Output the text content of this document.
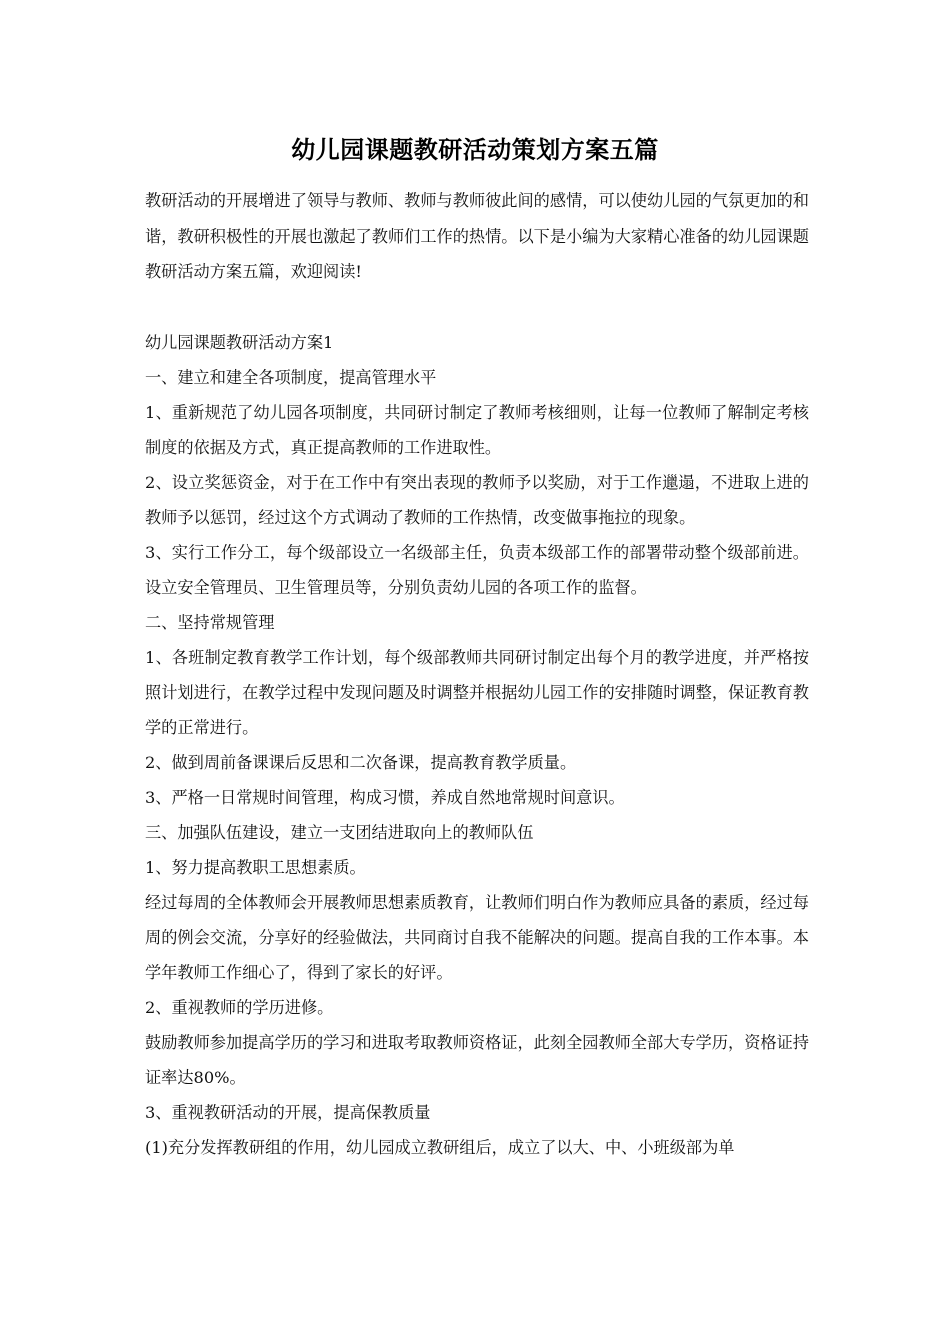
幼儿园课题教研活动策划方案五篇

教研活动的开展增进了领导与教师、教师与教师彼此间的感情，可以使幼儿园的气氛更加的和谐，教研积极性的开展也激起了教师们工作的热情。以下是小编为大家精心准备的幼儿园课题教研活动方案五篇，欢迎阅读!

幼儿园课题教研活动方案1

一、建立和建全各项制度，提高管理水平

1、重新规范了幼儿园各项制度，共同研讨制定了教师考核细则，让每一位教师了解制定考核制度的依据及方式，真正提高教师的工作进取性。

2、设立奖惩资金，对于在工作中有突出表现的教师予以奖励，对于工作邋遢，不进取上进的教师予以惩罚，经过这个方式调动了教师的工作热情，改变做事拖拉的现象。

3、实行工作分工，每个级部设立一名级部主任，负责本级部工作的部署带动整个级部前进。设立安全管理员、卫生管理员等，分别负责幼儿园的各项工作的监督。

二、坚持常规管理

1、各班制定教育教学工作计划，每个级部教师共同研讨制定出每个月的教学进度，并严格按照计划进行，在教学过程中发现问题及时调整并根据幼儿园工作的安排随时调整，保证教育教学的正常进行。

2、做到周前备课课后反思和二次备课，提高教育教学质量。

3、严格一日常规时间管理，构成习惯，养成自然地常规时间意识。

三、加强队伍建设，建立一支团结进取向上的教师队伍

1、努力提高教职工思想素质。

经过每周的全体教师会开展教师思想素质教育，让教师们明白作为教师应具备的素质，经过每周的例会交流，分享好的经验做法，共同商讨自我不能解决的问题。提高自我的工作本事。本学年教师工作细心了，得到了家长的好评。

2、重视教师的学历进修。

鼓励教师参加提高学历的学习和进取考取教师资格证，此刻全园教师全部大专学历，资格证持证率达80%。

3、重视教研活动的开展，提高保教质量

(1)充分发挥教研组的作用，幼儿园成立教研组后，成立了以大、中、小班级部为单
